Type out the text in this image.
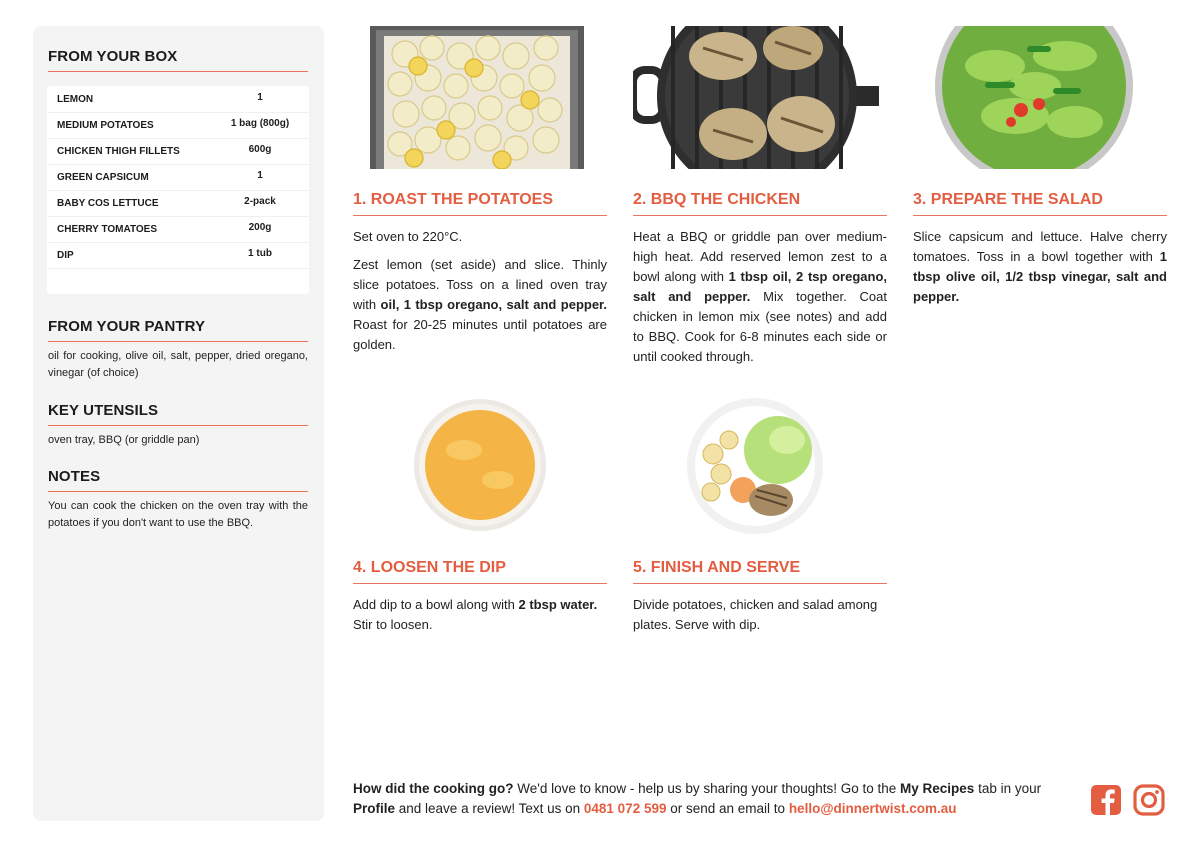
FROM YOUR BOX
LEMON	1
MEDIUM POTATOES	1 bag (800g)
CHICKEN THIGH FILLETS	600g
GREEN CAPSICUM	1
BABY COS LETTUCE	2-pack
CHERRY TOMATOES	200g
DIP	1 tub
FROM YOUR PANTRY
oil for cooking, olive oil, salt, pepper, dried oregano, vinegar (of choice)
KEY UTENSILS
oven tray, BBQ (or griddle pan)
NOTES
You can cook the chicken on the oven tray with the potatoes if you don't want to use the BBQ.
1. ROAST THE POTATOES

Set oven to 220°C.

Zest lemon (set aside) and slice. Thinly slice potatoes. Toss on a lined oven tray with oil, 1 tbsp oregano, salt and pepper. Roast for 20-25 minutes until potatoes are golden.

2. BBQ THE CHICKEN

Heat a BBQ or griddle pan over medium-high heat. Add reserved lemon zest to a bowl along with 1 tbsp oil, 2 tsp oregano, salt and pepper. Mix together. Coat chicken in lemon mix (see notes) and add to BBQ. Cook for 6-8 minutes each side or until cooked through.

3. PREPARE THE SALAD

Slice capsicum and lettuce. Halve cherry tomatoes. Toss in a bowl together with 1 tbsp olive oil, 1/2 tbsp vinegar, salt and pepper.

4. LOOSEN THE DIP

Add dip to a bowl along with 2 tbsp water. Stir to loosen.

5. FINISH AND SERVE

Divide potatoes, chicken and salad among plates. Serve with dip.

How did the cooking go? We'd love to know - help us by sharing your thoughts! Go to the My Recipes tab in your Profile and leave a review! Text us on 0481 072 599 or send an email to hello@dinnertwist.com.au
